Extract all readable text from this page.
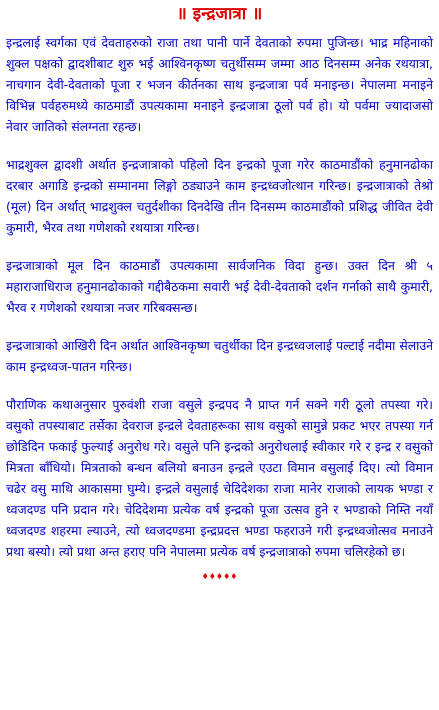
॥ इन्द्रजात्रा ॥

इन्द्रलाई स्वर्गका एवं देवताहरुको राजा तथा पानी पार्ने देवताको रुपमा पुजिन्छ। भाद्र महिनाको शुक्ल पक्षको द्वादशीबाट शुरु भई आश्विनकृष्ण चतुर्थीसम्म जम्मा आठ दिनसम्म अनेक रथयात्रा, नाचगान देवी-देवताको पूजा र भजन कीर्तनका साथ इन्द्रजात्रा पर्व मनाइन्छ। नेपालमा मनाइने विभिन्न पर्वहरुमध्ये काठमाडौं उपत्यकामा मनाइने इन्द्रजात्रा ठूलो पर्व हो। यो पर्वमा ज्यादाजसो नेवार जातिको संलग्नता रहन्छ।

भाद्रशुक्ल द्वादशी अर्थात इन्द्रजात्राको पहिलो दिन इन्द्रको पूजा गरेर काठमाडौंको हनुमानढोका दरबार अगाडि इन्द्रको सम्मानमा लिङ्गो ठड्याउने काम इन्द्रध्वजोत्थान गरिन्छ। इन्द्रजात्राको तेश्रो (मूल) दिन अर्थात् भाद्रशुक्ल चतुर्दशीका दिनदेखि तीन दिनसम्म काठमाडौंको प्रशिद्ध जीवित देवी कुमारी, भैरव तथा गणेशको रथयात्रा गरिन्छ।

इन्द्रजात्राको मूल दिन काठमाडौं उपत्यकामा सार्वजनिक विदा हुन्छ। उक्त दिन श्री ५ महाराजाधिराज हनुमानढोकाको गद्दीबैठकमा सवारी भई देवी-देवताको दर्शन गर्नाको साथै कुमारी, भैरव र गणेशको रथयात्रा नजर गरिबक्सन्छ।

इन्द्रजात्राको आखिरी दिन अर्थात आश्विनकृष्ण चतुर्थीका दिन इन्द्रध्वजलाई पल्टाई नदीमा सेलाउने काम इन्द्रध्वज-पातन गरिन्छ।

पौराणिक कथाअनुसार पुरुवंशी राजा वसुले इन्द्रपद नै प्राप्त गर्न सक्ने गरी ठूलो तपस्या गरे। वसुको तपस्याबाट तर्सेका देवराज इन्द्रले देवताहरूका साथ वसुको सामुन्ने प्रकट भएर तपस्या गर्न छोडिदिन फकाई फुल्याई अनुरोध गरे। वसुले पनि इन्द्रको अनुरोधलाई स्वीकार गरे र इन्द्र र वसुको मित्रता बाँधियो। मित्रताको बन्धन बलियो बनाउन इन्द्रले एउटा विमान वसुलाई दिए। त्यो विमान चढेर वसु माथि आकासमा घुम्ये। इन्द्रले वसुलाई चेदिदेशका राजा मानेर राजाको लायक भण्डा र ध्वजदण्ड पनि प्रदान गरे। चेदिदेशमा प्रत्येक वर्ष इन्द्रको पूजा उत्सव हुने र भण्डाको निम्ति नयाँ ध्वजदण्ड शहरमा ल्याउने, त्यो ध्वजदण्डमा इन्द्रप्रदत्त भण्डा फहराउने गरी इन्द्रध्वजोत्सव मनाउने प्रथा बस्यो। त्यो प्रथा अन्त हराए पनि नेपालमा प्रत्येक वर्ष इन्द्रजात्राको रुपमा चलिरहेको छ।

♦♦♦♦♦
